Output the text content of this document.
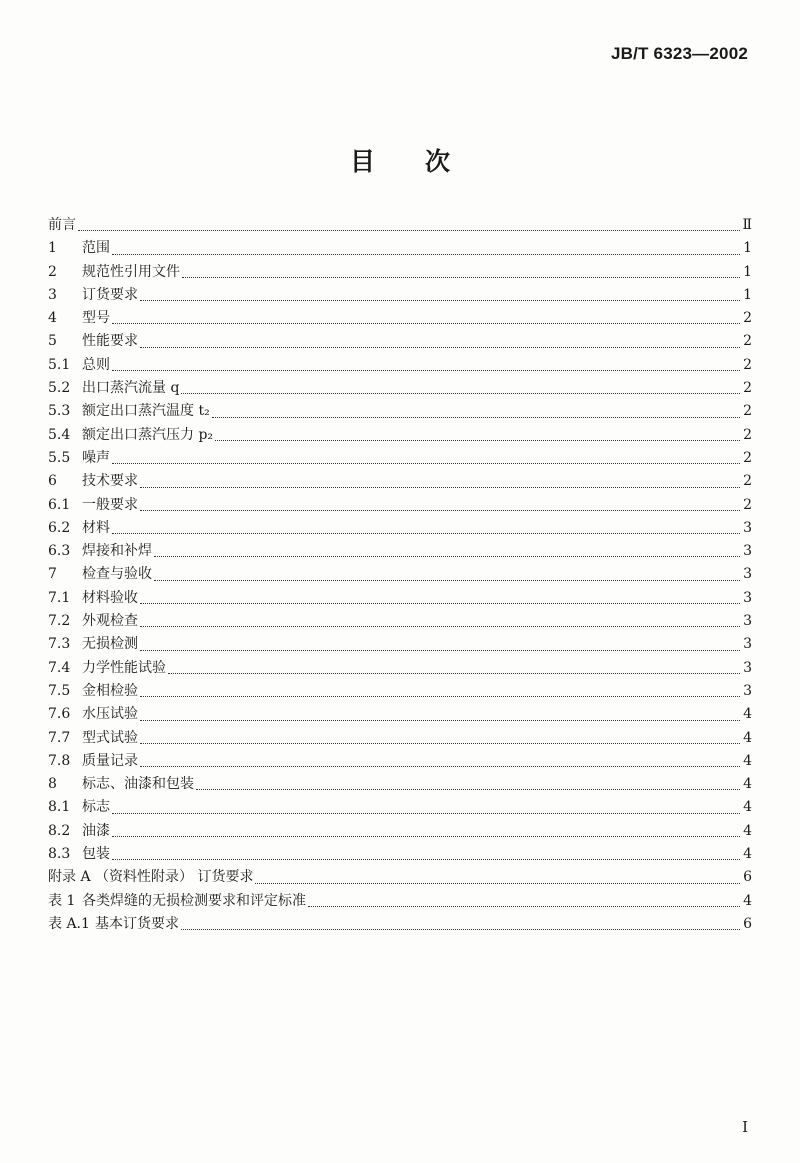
JB/T 6323—2002
目　　次
前言	Ⅱ
1	范围	1
2	规范性引用文件	1
3	订货要求	1
4	型号	2
5	性能要求	2
5.1 总则	2
5.2 出口蒸汽流量 q	2
5.3 额定出口蒸汽温度 t₂	2
5.4 额定出口蒸汽压力 p₂	2
5.5 噪声	2
6	技术要求	2
6.1 一般要求	2
6.2 材料	3
6.3 焊接和补焊	3
7	检查与验收	3
7.1 材料验收	3
7.2 外观检查	3
7.3 无损检测	3
7.4 力学性能试验	3
7.5 金相检验	3
7.6 水压试验	4
7.7 型式试验	4
7.8 质量记录	4
8	标志、油漆和包装	4
8.1 标志	4
8.2 油漆	4
8.3 包装	4
附录 A （资料性附录） 订货要求	6
表 1 各类焊缝的无损检测要求和评定标准	4
表 A.1 基本订货要求	6
I
